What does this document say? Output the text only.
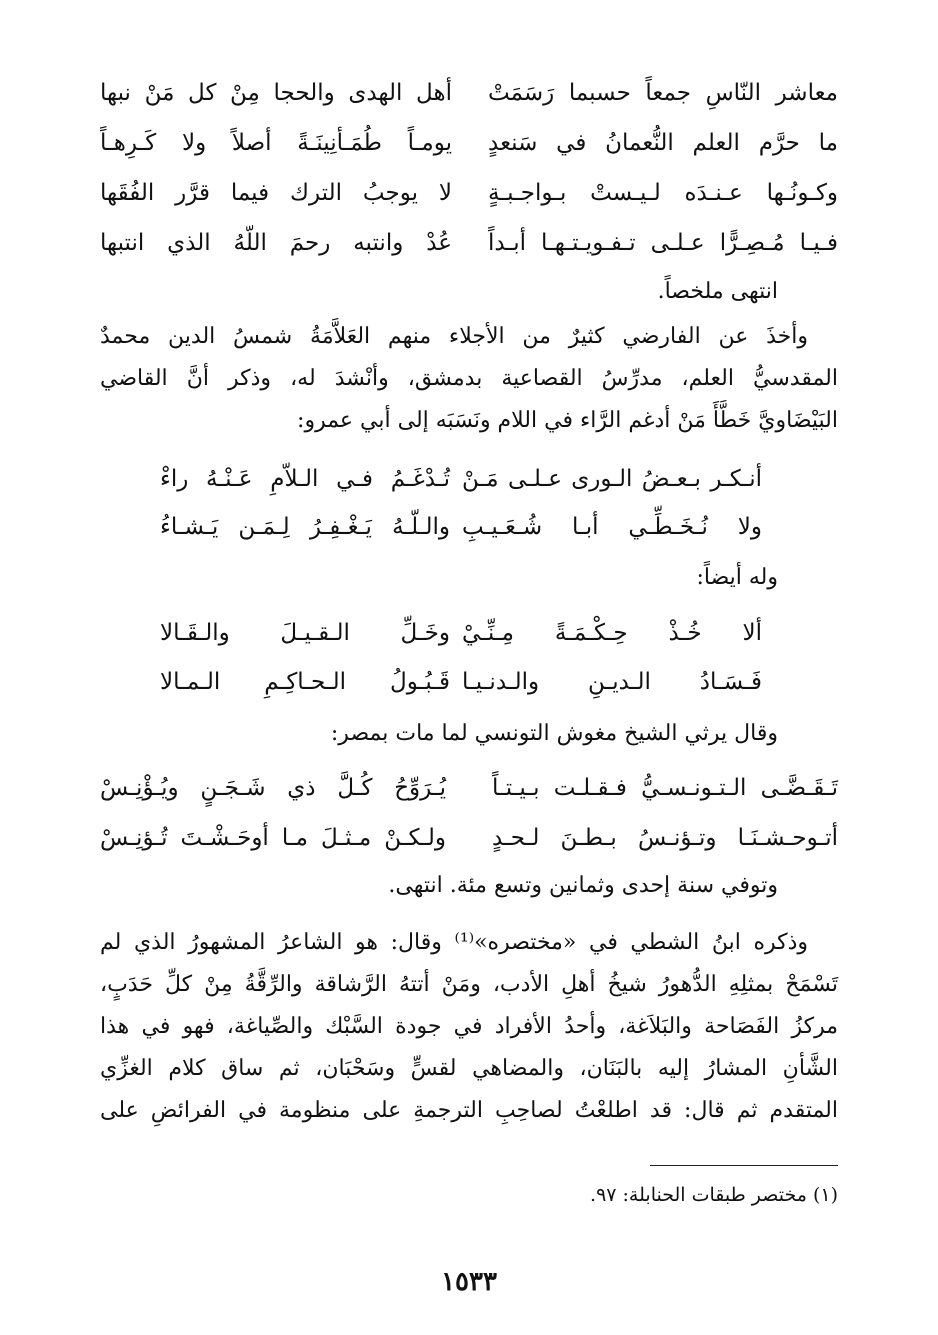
معاشر النّاسِ جمعاً حسبما رَسَمَتْ
أهل الهدى والحجا مِنْ كل مَنْ نبها
ما حرَّم العلم النُّعمانُ في سَنعدٍ
يومـاً طُمَـأنِينَـةً أصلاً ولا كَـرِهـاً
وكـونُـها عـنـدَه لـيـستْ بـواجـبـةٍ
لا يوجبُ الترك فيما قرَّر الفُقَها
فـيـا مُـصِـرًّا عـلـى تـفـويـتـهـا أبـداً
عُدْ وانتبه رحمَ اللّهُ الذي انتبها
انتهى ملخصاً.
وأخذَ عن الفارضي كثيرٌ من الأجلاء منهم العَلاَّمَةُ شمسُ الدين محمدٌ
المقدسيُّ العلم، مدرِّسُ القصاعية بدمشق، وأنْشدَ له، وذكر أنَّ القاضي
البَيْضَاويَّ خَطَّأَ مَنْ أدغم الرَّاء في اللام ونَسَبَه إلى أبي عمرو:
أنـكـر بـعـضُ الـورى عـلـى مَـنْ
تُـدْغَـمُ فـي الـلاّمِ عَـنْـهُ راءْ
ولا نُـخَـطِّـي أبـا شُـعَـيـبِ
والـلّـهُ يَـغْـفِـرُ لِـمَـن يَـشـاءُ
وله أيضاً:
ألا خُـذْ حِـكْـمَـةً مِـنِّـيْ
وخَـلِّ الـقـيـلَ والـقَـالا
فَـسَـادُ الـديـنِ والـدنـيـا
قَـبُـولُ الـحـاكِـمِ الـمـالا
وقال يرثي الشيخ مغوش التونسي لما مات بمصر:
تَـقَـضَّـى الـتـونـسـيُّ فـقـلـت بـيـتـاً
يُـرَوِّحُ كُـلَّ ذي شَـجَـنٍ ويُـؤْنِـسْ
أتـوحـشـنَـا وتـؤنـسُ بـطـنَ لـحـدٍ
ولـكـنْ مـثـلَ مـا أوحَـشْـتَ تُـؤنِـسْ
وتوفي سنة إحدى وثمانين وتسع مئة. انتهى.
وذكره ابنُ الشطي في «مختصره»⁽¹⁾ وقال: هو الشاعرُ المشهورُ الذي لم
تَسْمَحْ بمثلِهِ الدُّهورُ شيخُ أهلِ الأدب، ومَنْ أتتهُ الرَّشاقة والرِّقَّةُ مِنْ كلِّ حَدَبٍ،
مركزُ الفَصَاحة والبَلاَغة، وأحدُ الأفراد في جودة السَّبْك والصِّياغة، فهو في هذا
الشَّأنِ المشارُ إليه بالبَنَان، والمضاهي لقسٍّ وسَحْبَان، ثم ساق كلام الغزِّي
المتقدم ثم قال: قد اطلعْتُ لصاحِبِ الترجمةِ على منظومة في الفرائضِ على
(١) مختصر طبقات الحنابلة: ٩٧.
١٥٣٣
